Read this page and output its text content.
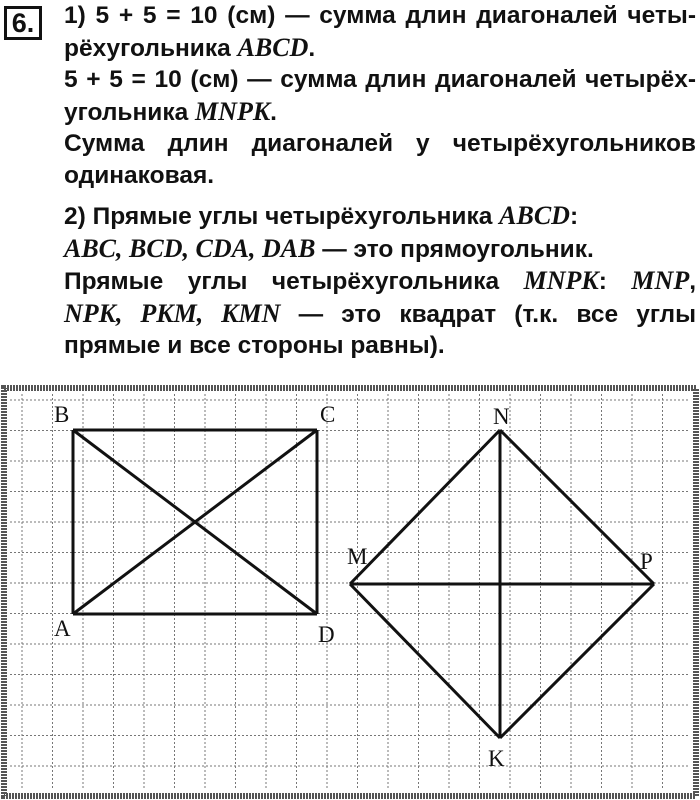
6.	1) 5 + 5 = 10 (см) — сумма длин диагоналей четы-

рёхугольника ABCD.

5 + 5 = 10 (см) — сумма длин диагоналей четырёх-

угольника MNPK.

Сумма длин диагоналей у четырёхугольников

одинаковая.

2) Прямые углы четырёхугольника ABCD:

ABC, BCD, CDA, DAB — это прямоугольник.

Прямые углы четырёхугольника MNPK: MNP,

NPK, PKM, KMN — это квадрат (т.к. все углы

прямые и все стороны равны).

A
B	C
D
M
N
P
K
